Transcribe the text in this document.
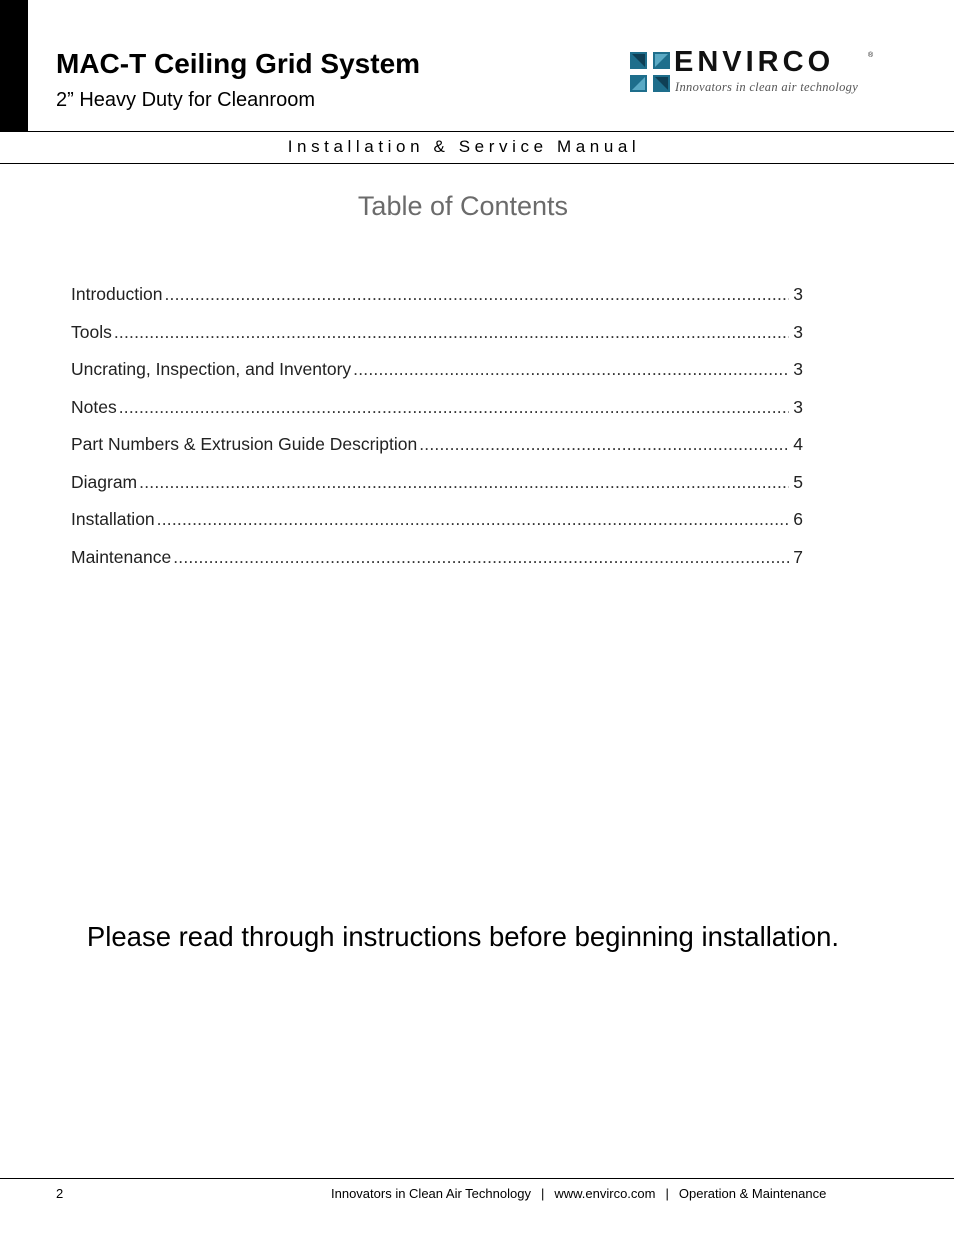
MAC-T Ceiling Grid System
2” Heavy Duty for Cleanroom
ENVIRCO	®
Innovators in clean air technology
Installation & Service Manual
Table of Contents
Introduction .....	3
Tools .....	3
Uncrating, Inspection, and Inventory .....	3
Notes .....	3
Part Numbers & Extrusion Guide Description .....	4
Diagram .....	5
Installation .....	6
Maintenance .....	7
Please read through instructions before beginning installation.
2	Innovators in Clean Air Technology | www.envirco.com | Operation & Maintenance
